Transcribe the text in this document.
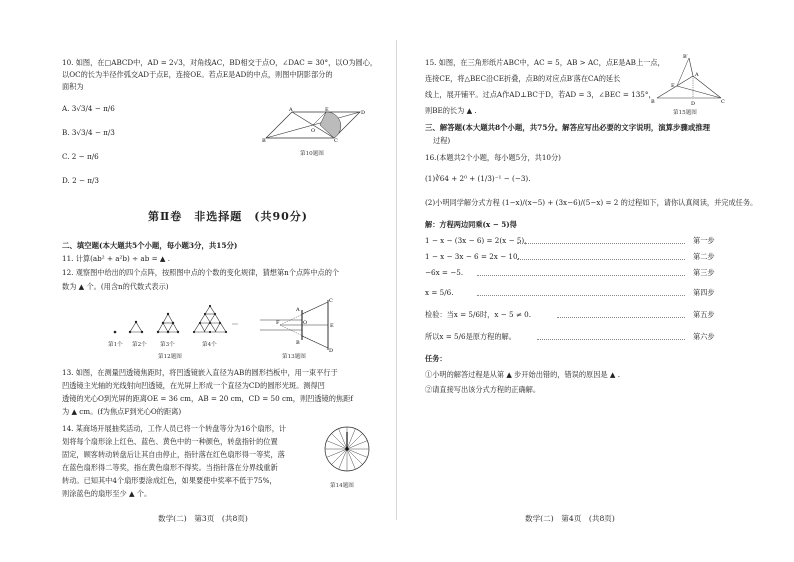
10. 如图，在□ABCD中，AD = 2√3，对角线AC，BD相交于点O，∠DAC = 30°，以O为圆心，
以OC的长为半径作弧交AD于点E，连接OE。若点E是AD的中点，则图中阴影部分的
面积为
A. 3√3/4 − π/6
B. 3√3/4 − π/3
C. 2 − π/6
D. 2 − π/3
A	E	D
O
B	C
第10题图
第Ⅱ卷　非选择题　(共90分)
二、填空题(本大题共5个小题，每小题3分，共15分)
11. 计算(ab² + a²b) ÷ ab = ▲ .
12. 观察图中给出的四个点阵，按照图中点的个数的变化规律，猜想第n个点阵中点的个
数为 ▲ 个。(用含n的代数式表示)
⋯
第1个 第2个 第3个	第4个
第12题图
C
A
F	O	E
B
D
第13题图
13. 如图，在测量凹透镜焦距时，将凹透镜嵌入直径为AB的圆形挡板中，用一束平行于
凹透镜主光轴的光线射向凹透镜，在光屏上形成一个直径为CD的圆形光斑。测得凹
透镜的光心O到光屏的距离OE = 36 cm，AB = 20 cm，CD = 50 cm，则凹透镜的焦距f
为 ▲ cm。(f为焦点F到光心O的距离)
14. 某商场开展抽奖活动，工作人员已将一个转盘等分为16个扇形，计
划将每个扇形涂上红色、蓝色、黄色中的一种颜色，转盘指针的位置
固定，顾客转动转盘后让其自由停止，指针落在红色扇形得一等奖，落
在蓝色扇形得二等奖，指在黄色扇形不得奖。当指针落在分界线重新
转动。已知其中4个扇形要涂成红色，如果要使中奖率不低于75%，
则涂蓝色的扇形至少 ▲ 个。
第14题图
数学(二)　第3页　(共8页)
15. 如图，在三角形纸片ABC中，AC = 5，AB > AC，点E是AB上一点，
连接CE，将△BEC沿CE折叠，点B的对应点B′落在CA的延长
线上，展开铺平。过点A作AD⊥BC于D，若AD = 3，∠BEC = 135°，
则BE的长为 ▲ .
B′
A
E
B	D	C
第15题图
三、解答题(本大题共8个小题，共75分。解答应写出必要的文字说明，演算步骤或推理
过程)
16.(本题共2个小题，每小题5分，共10分)
(1)∛64 + 2⁰ + (1/3)⁻¹ − (−3).
(2)小明同学解分式方程 (1−x)/(x−5) + (3x−6)/(5−x) = 2 的过程如下，请你认真阅读，并完成任务。
解：方程两边同乘(x − 5)得
1 − x − (3x − 6) = 2(x − 5)，	第一步
1 − x − 3x − 6 = 2x − 10.	第二步
−6x = −5.	第三步
x = 5/6.	第四步
检验：当x = 5/6时，x − 5 ≠ 0.	第五步
所以x = 5/6是原方程的解。	第六步
任务：
①小明的解答过程是从第 ▲ 步开始出错的，错误的原因是 ▲ .
②请直接写出该分式方程的正确解。
数学(二)　第4页　(共8页)
